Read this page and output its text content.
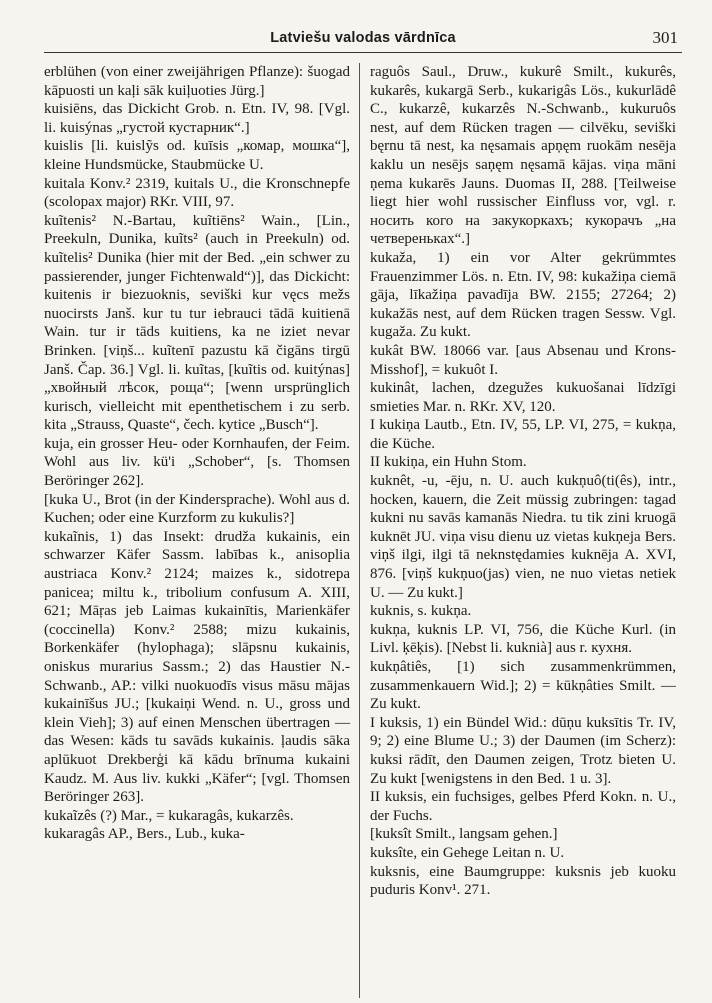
Latviešu valodas vārdnīca	301

erblühen (von einer zweijährigen Pflanze): šuogad kāpuosti un kaļi sāk kuiļuoties Jürg.]

kuisiēns, das Dickicht Grob. n. Etn. IV, 98. [Vgl. li. kuisýnas „густой кустарник“.]

kuislis [li. kuislỹs od. kuīsis „комар, мошка“], kleine Hundsmücke, Staubmücke U.

kuitala Konv.² 2319, kuitals U., die Kronschnepfe (scolopax major) RKr. VIII, 97.

kuĩtenis² N.-Bartau, kuĩtiēns² Wain., [Lin., Preekuln, Dunika, kuĩts² (auch in Preekuln) od. kuĩtelis² Dunika (hier mit der Bed. „ein schwer zu passierender, junger Fichtenwald“)], das Dickicht: kuitenis ir biezuoknis, seviški kur vęcs mežs nuocirsts Janš. kur tu tur iebrauci tādā kuitienā Wain. tur ir tāds kuitiens, ka ne iziet nevar Brinken. [viņš... kuĩtenī pazustu kā čigāns tirgū Janš. Čap. 36.] Vgl. li. kuĩtas, [kuĩtis od. kuitýnas] „хвойный лѣсок, роща“; [wenn ursprünglich kurisch, vielleicht mit epenthetischem i zu serb. kita „Strauss, Quaste“, čech. kytice „Busch“].

kuja, ein grosser Heu- oder Kornhaufen, der Feim. Wohl aus liv. kü'i „Schober“, [s. Thomsen Beröringer 262].

[kuka U., Brot (in der Kindersprache). Wohl aus d. Kuchen; oder eine Kurzform zu kukulis?]

kukaĩnis, 1) das Insekt: drudža kukainis, ein schwarzer Käfer Sassm. labības k., anisoplia austriaca Konv.² 2124; maizes k., sidotrepa panicea; miltu k., tribolium confusum A. XIII, 621; Māŗas jeb Laimas kukainītis, Marienkäfer (coccinella) Konv.² 2588; mizu kukainis, Borkenkäfer (hylophaga); slāpsnu kukainis, oniskus murarius Sassm.; 2) das Haustier N.-Schwanb., AP.: vilki nuokuodīs visus māsu mājas kukainīšus JU.; [kukaiņi Wend. n. U., gross und klein Vieh]; 3) auf einen Menschen übertragen — das Wesen: kāds tu savāds kukainis. ļaudis sāka aplūkuot Drekberģi kā kādu brīnuma kukaini Kaudz. M. Aus liv. kukki „Käfer“; [vgl. Thomsen Beröringer 263].

kukaĩzês (?) Mar., = kukaragâs, kukarzês.

kukaragâs AP., Bers., Lub., kuka-

raguôs Saul., Druw., kukurê Smilt., kukurês, kukarês, kukargā Serb., kukarigâs Lös., kukurlādê C., kukarzê, kukarzês N.-Schwanb., kukuruôs nest, auf dem Rücken tragen — cilvēku, seviški bęrnu tā nest, ka nęsamais apņęm ruokām nesēja kaklu un nesējs saņęm nęsamā kājas. viņa māni ņema kukarēs Jauns. Duomas II, 288. [Teilweise liegt hier wohl russischer Einfluss vor, vgl. r. носить кого на закукоркахъ; кукорачъ „на четвереньках“.]

kukaža, 1) ein vor Alter gekrümmtes Frauenzimmer Lös. n. Etn. IV, 98: kukažiņa ciemā gāja, līkažiņa pavadīja BW. 2155; 27264; 2) kukažās nest, auf dem Rücken tragen Sessw. Vgl. kugaža. Zu kukt.

kukât BW. 18066 var. [aus Absenau und Krons-Misshof], = kukuôt I.

kukinât, lachen, dzegužes kukuošanai līdzīgi smieties Mar. n. RKr. XV, 120.

I kukiņa Lautb., Etn. IV, 55, LP. VI, 275, = kukņa, die Küche.

II kukiņa, ein Huhn Stom.

kuknêt, -u, -ēju, n. U. auch kukņuô(ti(ês), intr., hocken, kauern, die Zeit müssig zubringen: tagad kukni nu savās kamanās Niedra. tu tik zini kruogā kuknēt JU. viņa visu dienu uz vietas kukņeja Bers. viņš ilgi, ilgi tā neknstędamies kuknēja A. XVI, 876. [viņš kukņuo(jas) vien, ne nuo vietas netiek U. — Zu kukt.]

kuknis, s. kukņa.

kukņa, kuknis LP. VI, 756, die Küche Kurl. (in Livl. ķēķis). [Nebst li. kuknià] aus r. кухня.

kukņâtiês, [1) sich zusammenkrümmen, zusammenkauern Wid.]; 2) = kūkņâties Smilt. — Zu kukt.

I kuksis, 1) ein Bündel Wid.: dūņu kuksītis Tr. IV, 9; 2) eine Blume U.; 3) der Daumen (im Scherz): kuksi rādīt, den Daumen zeigen, Trotz bieten U. Zu kukt [wenigstens in den Bed. 1 u. 3].

II kuksis, ein fuchsiges, gelbes Pferd Kokn. n. U., der Fuchs.

[kuksît Smilt., langsam gehen.]

kuksîte, ein Gehege Leitan n. U.

kuksnis, eine Baumgruppe: kuksnis jeb kuoku puduris Konv¹. 271.
